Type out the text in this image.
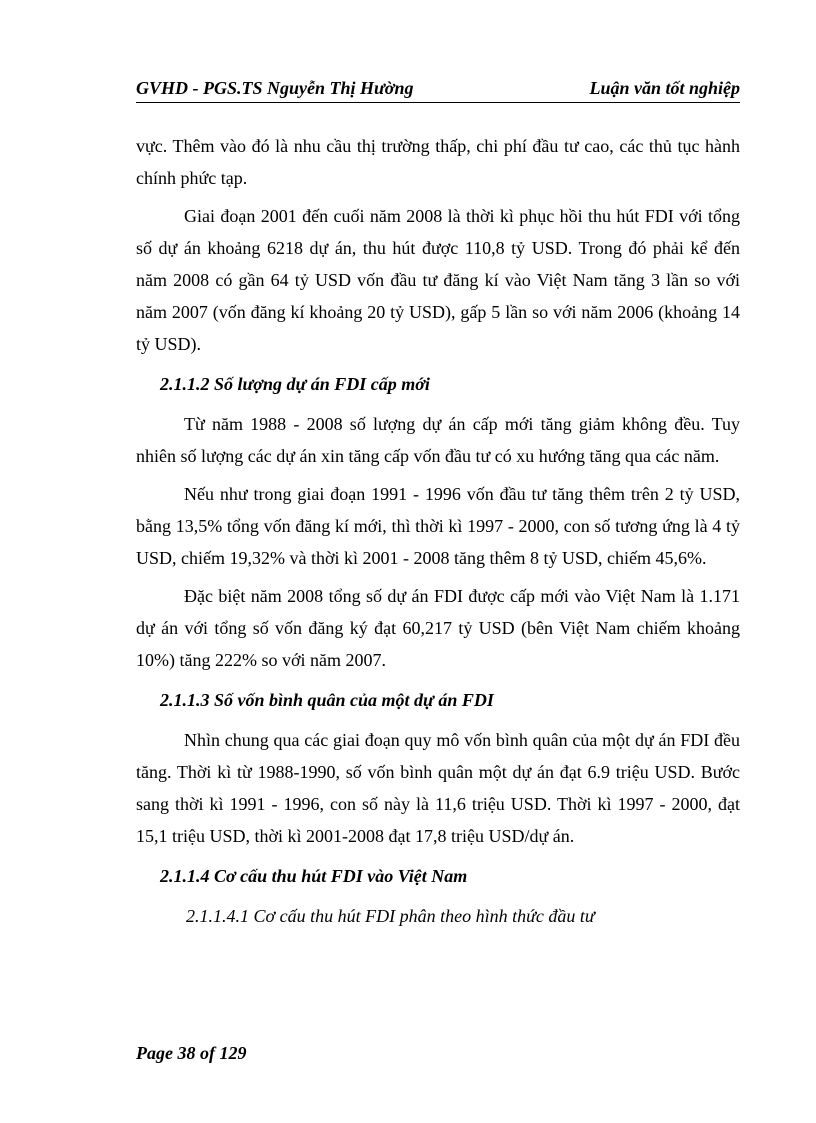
GVHD - PGS.TS Nguyễn Thị Hường	Luận văn tốt nghiệp

vực. Thêm vào đó là nhu cầu thị trường thấp, chi phí đầu tư cao, các thủ tục hành chính phức tạp.

Giai đoạn 2001 đến cuối năm 2008 là thời kì phục hồi thu hút FDI với tổng số dự án khoảng 6218 dự án, thu hút được 110,8 tỷ USD. Trong đó phải kể đến năm 2008 có gần 64 tỷ USD vốn đầu tư đăng kí vào Việt Nam tăng 3 lần so với năm 2007 (vốn đăng kí khoảng 20 tỷ USD), gấp 5 lần so với năm 2006 (khoảng 14 tỷ USD).

2.1.1.2 Số lượng dự án FDI cấp mới

Từ năm 1988 - 2008 số lượng dự án cấp mới tăng giảm không đều. Tuy nhiên số lượng các dự án xin tăng cấp vốn đầu tư có xu hướng tăng qua các năm.

Nếu như trong giai đoạn 1991 - 1996 vốn đầu tư tăng thêm trên 2 tỷ USD, bằng 13,5% tổng vốn đăng kí mới, thì thời kì 1997 - 2000, con số tương ứng là 4 tỷ USD, chiếm 19,32% và thời kì 2001 - 2008 tăng thêm 8 tỷ USD, chiếm 45,6%.

Đặc biệt năm 2008 tổng số dự án FDI được cấp mới vào Việt Nam là 1.171 dự án với tổng số vốn đăng ký đạt 60,217 tỷ USD (bên Việt Nam chiếm khoảng 10%) tăng 222% so với năm 2007.

2.1.1.3 Số vốn bình quân của một dự án FDI

Nhìn chung qua các giai đoạn quy mô vốn bình quân của một dự án FDI đều tăng. Thời kì từ 1988-1990, số vốn bình quân một dự án đạt 6.9 triệu USD. Bước sang thời kì 1991 - 1996, con số này là 11,6 triệu USD. Thời kì 1997 - 2000, đạt 15,1 triệu USD, thời kì 2001-2008 đạt 17,8 triệu USD/dự án.

2.1.1.4 Cơ cấu thu hút FDI vào Việt Nam
2.1.1.4.1 Cơ cấu thu hút FDI phân theo hình thức đầu tư
Page 38 of 129
